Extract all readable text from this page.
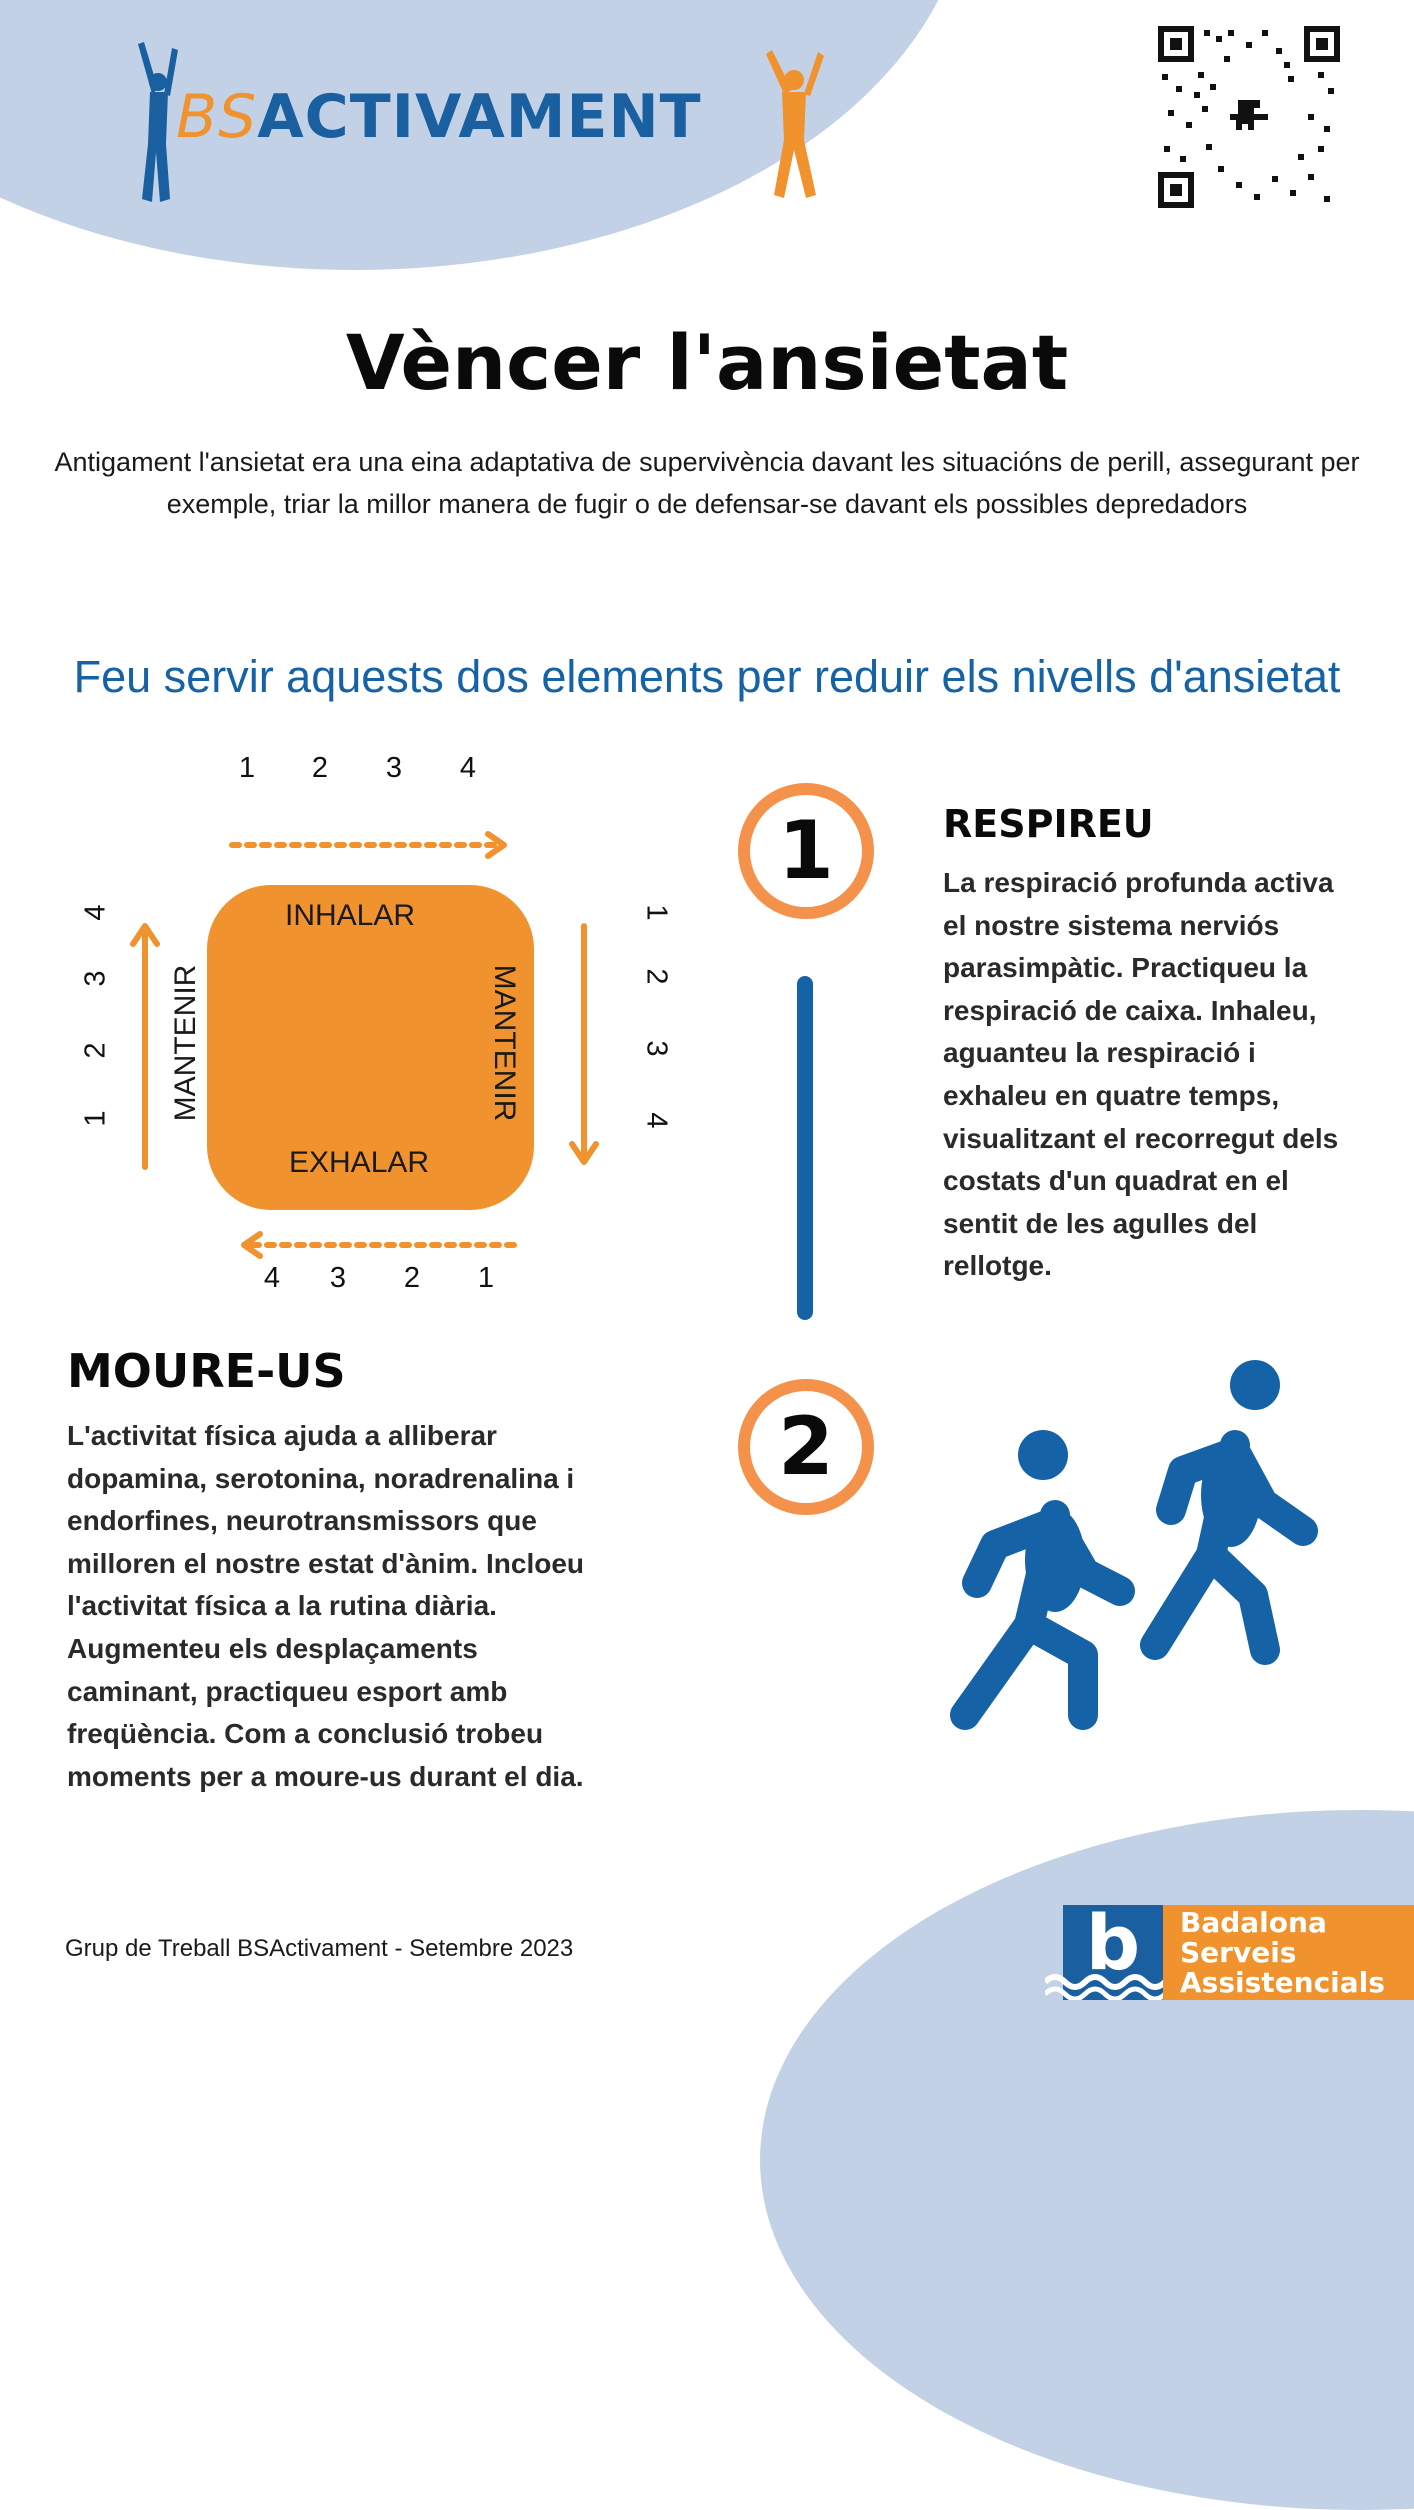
BSACTIVAMENT
Vèncer l'ansietat
Antigament l'ansietat era una eina adaptativa de supervivència davant les situacións de perill, assegurant per exemple, triar la millor manera de fugir o de defensar-se davant els possibles depredadors
Feu servir aquests dos elements per reduir els nivells d'ansietat
1	2	3	4
1
2
3
4
4	3	2	1
4
3
2
1
INHALAR
EXHALAR
MANTENIR	MANTENIR
1
2
RESPIREU
La respiració profunda activa el nostre sistema nerviós parasimpàtic. Practiqueu la respiració de caixa. Inhaleu, aguanteu la respiració i exhaleu en quatre temps, visualitzant el recorregut dels costats d'un quadrat en el sentit de les agulles del rellotge.
MOURE-US
L'activitat física ajuda a alliberar dopamina, serotonina, noradrenalina i endorfines, neurotransmissors que milloren el nostre estat d'ànim. Incloeu l'activitat física a la rutina diària. Augmenteu els desplaçaments caminant, practiqueu esport amb freqüència. Com a conclusió trobeu moments per a moure-us durant el dia.
Grup de Treball BSActivament - Setembre 2023	b	Badalona Serveis Assistencials
